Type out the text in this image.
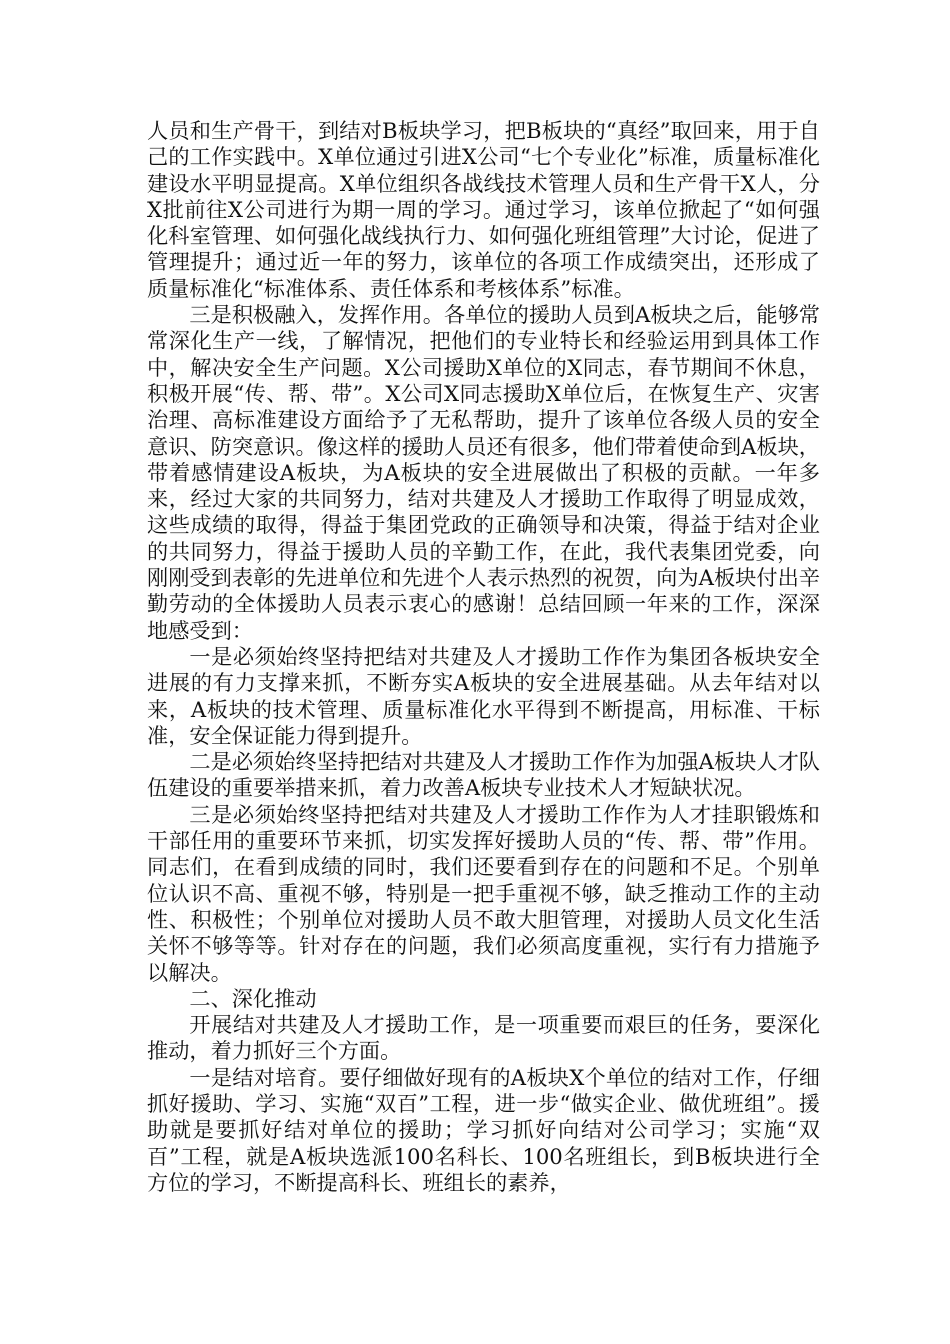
人员和生产骨干，到结对B板块学习，把B板块的“真经”取回来，用于自己的工作实践中。X单位通过引进X公司“七个专业化”标准，质量标准化建设水平明显提高。X单位组织各战线技术管理人员和生产骨干X人，分X批前往X公司进行为期一周的学习。通过学习，该单位掀起了“如何强化科室管理、如何强化战线执行力、如何强化班组管理”大讨论，促进了管理提升；通过近一年的努力，该单位的各项工作成绩突出，还形成了质量标准化“标准体系、责任体系和考核体系”标准。

三是积极融入，发挥作用。各单位的援助人员到A板块之后，能够常常深化生产一线，了解情况，把他们的专业特长和经验运用到具体工作中，解决安全生产问题。X公司援助X单位的X同志，春节期间不休息，积极开展“传、帮、带”。X公司X同志援助X单位后，在恢复生产、灾害治理、高标准建设方面给予了无私帮助，提升了该单位各级人员的安全意识、防突意识。像这样的援助人员还有很多，他们带着使命到A板块，带着感情建设A板块，为A板块的安全进展做出了积极的贡献。一年多来，经过大家的共同努力，结对共建及人才援助工作取得了明显成效，这些成绩的取得，得益于集团党政的正确领导和决策，得益于结对企业的共同努力，得益于援助人员的辛勤工作，在此，我代表集团党委，向刚刚受到表彰的先进单位和先进个人表示热烈的祝贺，向为A板块付出辛勤劳动的全体援助人员表示衷心的感谢！总结回顾一年来的工作，深深地感受到：

一是必须始终坚持把结对共建及人才援助工作作为集团各板块安全进展的有力支撑来抓，不断夯实A板块的安全进展基础。从去年结对以来，A板块的技术管理、质量标准化水平得到不断提高，用标准、干标准，安全保证能力得到提升。

二是必须始终坚持把结对共建及人才援助工作作为加强A板块人才队伍建设的重要举措来抓，着力改善A板块专业技术人才短缺状况。

三是必须始终坚持把结对共建及人才援助工作作为人才挂职锻炼和干部任用的重要环节来抓，切实发挥好援助人员的“传、帮、带”作用。同志们，在看到成绩的同时，我们还要看到存在的问题和不足。个别单位认识不高、重视不够，特别是一把手重视不够，缺乏推动工作的主动性、积极性；个别单位对援助人员不敢大胆管理，对援助人员文化生活关怀不够等等。针对存在的问题，我们必须高度重视，实行有力措施予以解决。

二、深化推动

开展结对共建及人才援助工作，是一项重要而艰巨的任务，要深化推动，着力抓好三个方面。

一是结对培育。要仔细做好现有的A板块X个单位的结对工作，仔细抓好援助、学习、实施“双百”工程，进一步“做实企业、做优班组”。援助就是要抓好结对单位的援助；学习抓好向结对公司学习；实施“双百”工程，就是A板块选派100名科长、100名班组长，到B板块进行全方位的学习，不断提高科长、班组长的素养，
